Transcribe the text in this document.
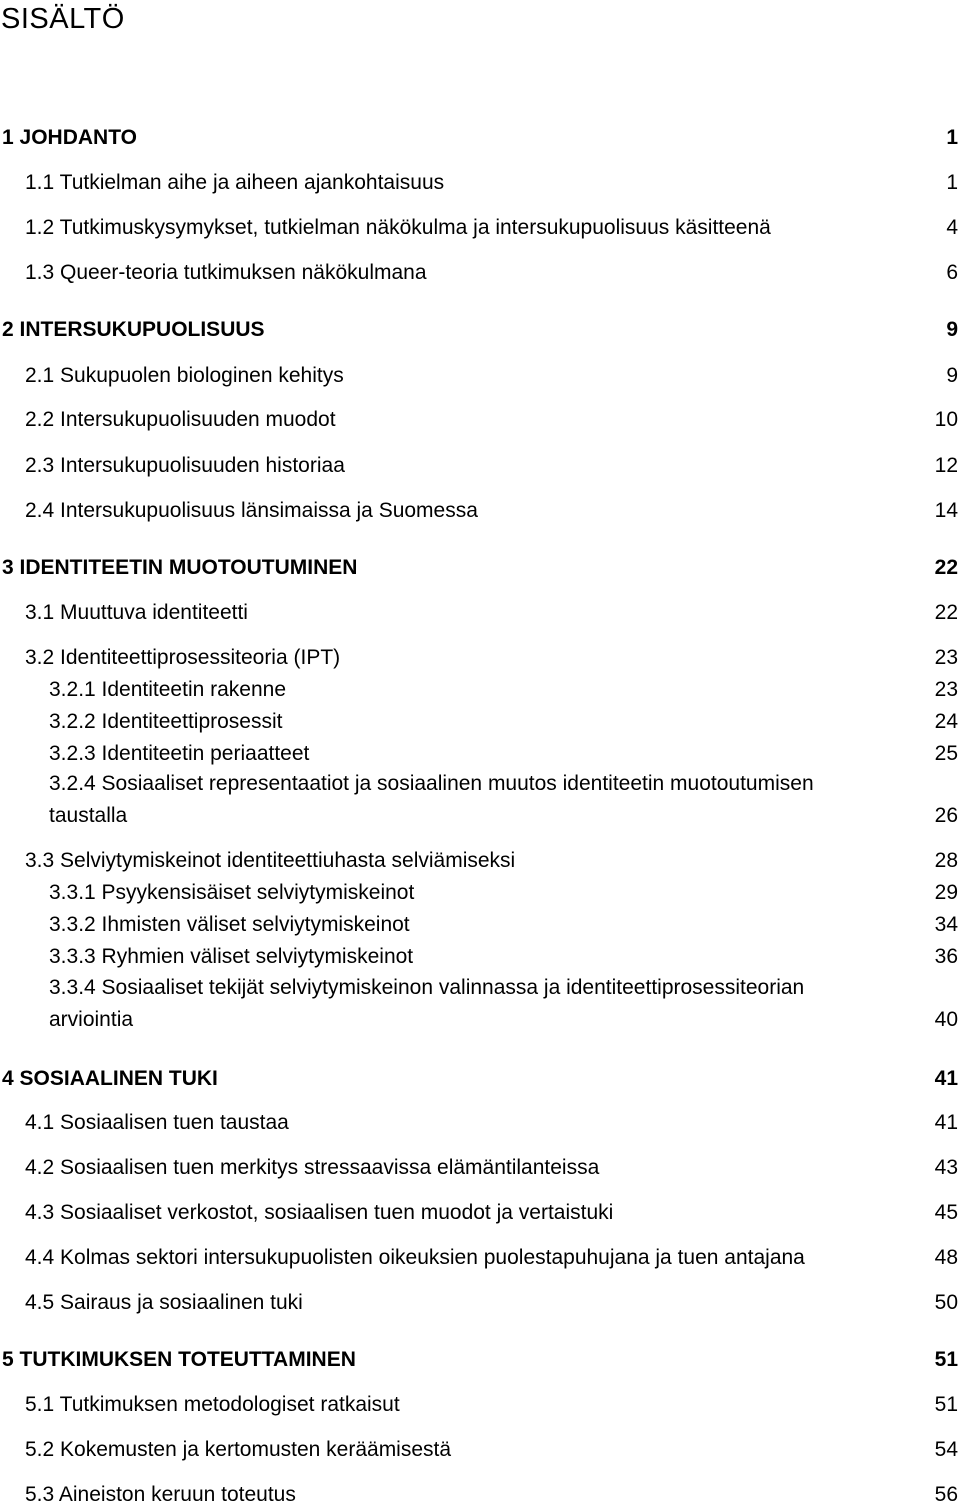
SISÄLTÖ
1 JOHDANTO	1
1.1 Tutkielman aihe ja aiheen ajankohtaisuus	1
1.2 Tutkimuskysymykset, tutkielman näkökulma ja intersukupuolisuus käsitteenä	4
1.3 Queer-teoria tutkimuksen näkökulmana	6
2 INTERSUKUPUOLISUUS	9
2.1 Sukupuolen biologinen kehitys	9
2.2 Intersukupuolisuuden muodot	10
2.3 Intersukupuolisuuden historiaa	12
2.4 Intersukupuolisuus länsimaissa ja Suomessa	14
3 IDENTITEETIN MUOTOUTUMINEN	22
3.1 Muuttuva identiteetti	22
3.2 Identiteettiprosessiteoria (IPT)	23
3.2.1 Identiteetin rakenne	23
3.2.2 Identiteettiprosessit	24
3.2.3 Identiteetin periaatteet	25
3.2.4 Sosiaaliset representaatiot ja sosiaalinen muutos identiteetin muotoutumisen
taustalla	26
3.3 Selviytymiskeinot identiteettiuhasta selviämiseksi	28
3.3.1 Psyykensisäiset selviytymiskeinot	29
3.3.2 Ihmisten väliset selviytymiskeinot	34
3.3.3 Ryhmien väliset selviytymiskeinot	36
3.3.4 Sosiaaliset tekijät selviytymiskeinon valinnassa ja identiteettiprosessiteorian
arviointia	40
4 SOSIAALINEN TUKI	41
4.1 Sosiaalisen tuen taustaa	41
4.2 Sosiaalisen tuen merkitys stressaavissa elämäntilanteissa	43
4.3 Sosiaaliset verkostot, sosiaalisen tuen muodot ja vertaistuki	45
4.4 Kolmas sektori intersukupuolisten oikeuksien puolestapuhujana ja tuen antajana	48
4.5 Sairaus ja sosiaalinen tuki	50
5 TUTKIMUKSEN TOTEUTTAMINEN	51
5.1 Tutkimuksen metodologiset ratkaisut	51
5.2 Kokemusten ja kertomusten keräämisestä	54
5.3 Aineiston keruun toteutus	56
